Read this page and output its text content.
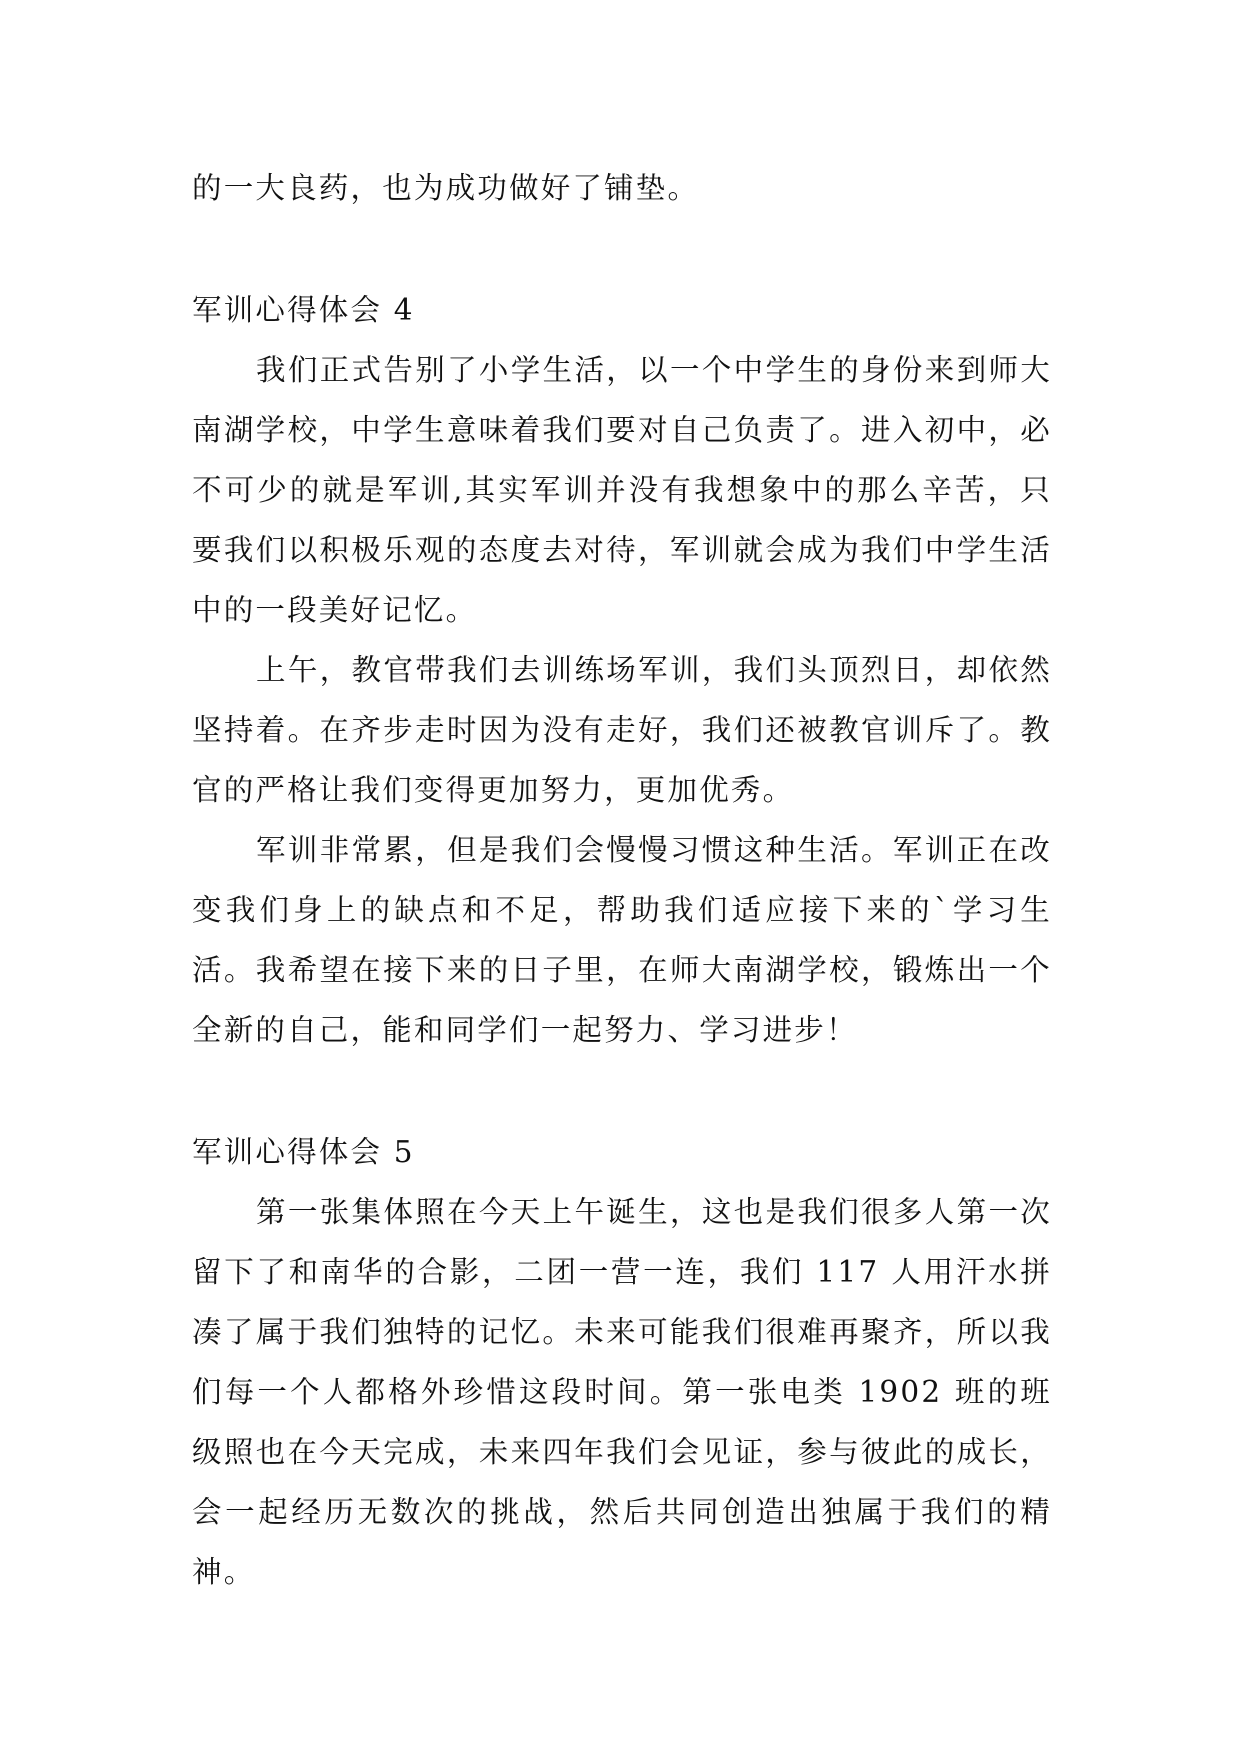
的一大良药，也为成功做好了铺垫。

军训心得体会 4

我们正式告别了小学生活，以一个中学生的身份来到师大南湖学校，中学生意味着我们要对自己负责了。进入初中，必不可少的就是军训,其实军训并没有我想象中的那么辛苦，只要我们以积极乐观的态度去对待，军训就会成为我们中学生活中的一段美好记忆。

上午，教官带我们去训练场军训，我们头顶烈日，却依然坚持着。在齐步走时因为没有走好，我们还被教官训斥了。教官的严格让我们变得更加努力，更加优秀。

军训非常累，但是我们会慢慢习惯这种生活。军训正在改变我们身上的缺点和不足，帮助我们适应接下来的`学习生活。我希望在接下来的日子里，在师大南湖学校，锻炼出一个全新的自己，能和同学们一起努力、学习进步！

军训心得体会 5

第一张集体照在今天上午诞生，这也是我们很多人第一次留下了和南华的合影，二团一营一连，我们 117 人用汗水拼凑了属于我们独特的记忆。未来可能我们很难再聚齐，所以我们每一个人都格外珍惜这段时间。第一张电类 1902 班的班级照也在今天完成，未来四年我们会见证，参与彼此的成长，会一起经历无数次的挑战，然后共同创造出独属于我们的精神。
